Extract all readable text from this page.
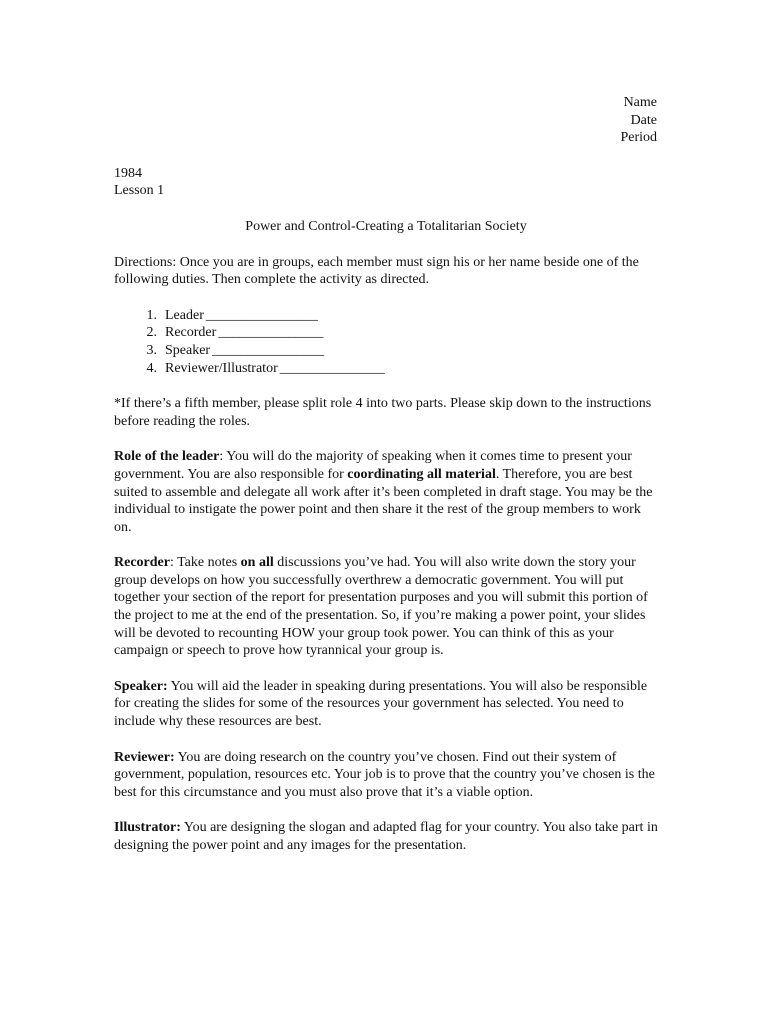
Name
Date
Period
1984
Lesson 1
Power and Control-Creating a Totalitarian Society

Directions: Once you are in groups, each member must sign his or her name beside one of the following duties. Then complete the activity as directed.

1. Leader ________________
2. Recorder _______________
3. Speaker ________________
4. Reviewer/Illustrator _______________

*If there’s a fifth member, please split role 4 into two parts. Please skip down to the instructions before reading the roles.

Role of the leader: You will do the majority of speaking when it comes time to present your government. You are also responsible for coordinating all material. Therefore, you are best suited to assemble and delegate all work after it’s been completed in draft stage. You may be the individual to instigate the power point and then share it the rest of the group members to work on.

Recorder: Take notes on all discussions you’ve had. You will also write down the story your group develops on how you successfully overthrew a democratic government. You will put together your section of the report for presentation purposes and you will submit this portion of the project to me at the end of the presentation. So, if you’re making a power point, your slides will be devoted to recounting HOW your group took power. You can think of this as your campaign or speech to prove how tyrannical your group is.

Speaker: You will aid the leader in speaking during presentations. You will also be responsible for creating the slides for some of the resources your government has selected. You need to include why these resources are best.

Reviewer: You are doing research on the country you’ve chosen. Find out their system of government, population, resources etc. Your job is to prove that the country you’ve chosen is the best for this circumstance and you must also prove that it’s a viable option.

Illustrator: You are designing the slogan and adapted flag for your country. You also take part in designing the power point and any images for the presentation.
